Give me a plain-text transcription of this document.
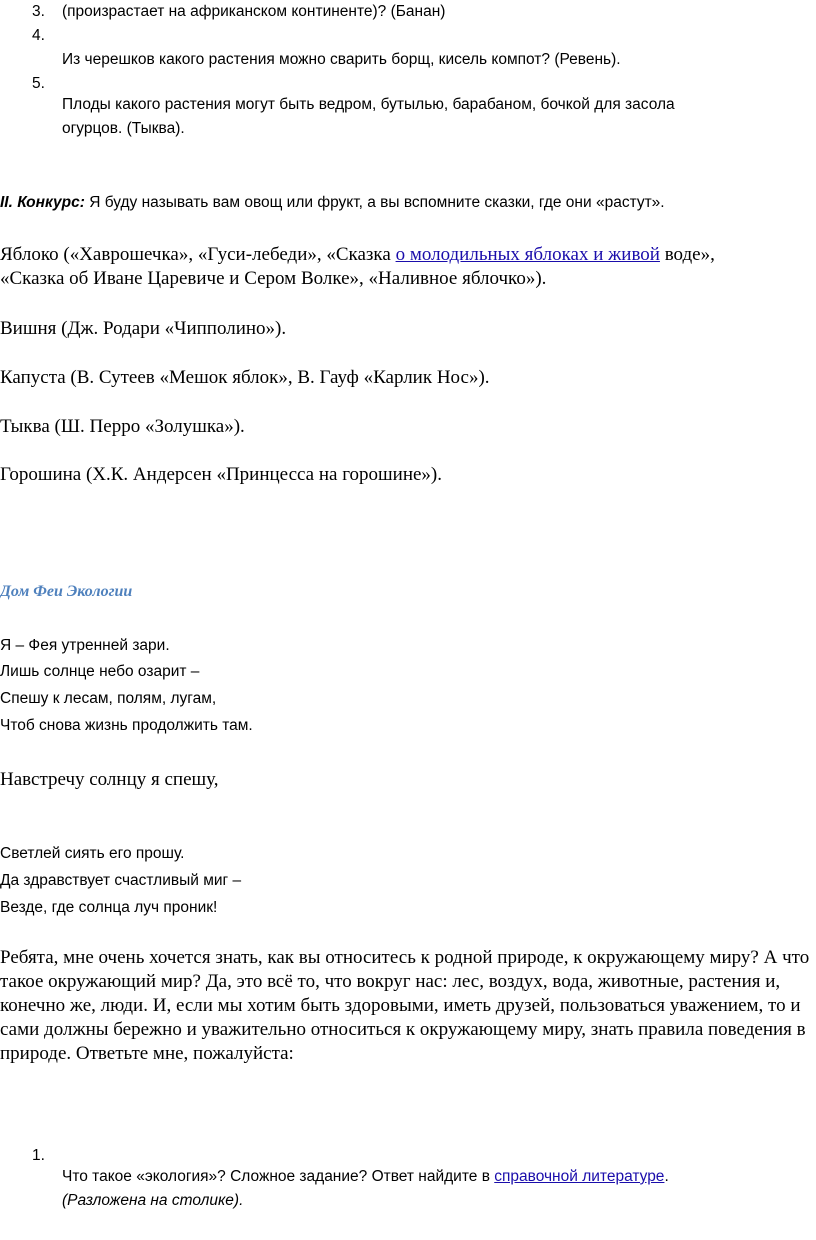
3. (произрастает на африканском континенте)? (Банан)

4.

Из черешков какого растения можно сварить борщ, кисель компот? (Ревень).

5.

Плоды какого растения могут быть ведром, бутылью, барабаном, бочкой для засола

огурцов. (Тыква).

II. Конкурс: Я буду называть вам овощ или фрукт, а вы вспомните сказки, где они «растут».

Яблоко («Хаврошечка», «Гуси-лебеди», «Сказка о молодильных яблоках и живой воде»,

«Сказка об Иване Царевиче и Сером Волке», «Наливное яблочко»).

Вишня (Дж. Родари «Чипполино»).

Капуста (В. Сутеев «Мешок яблок», В. Гауф «Карлик Нос»).

Тыква (Ш. Перро «Золушка»).

Горошина (Х.К. Андерсен «Принцесса на горошине»).

Дом Феи Экологии

Я – Фея утренней зари.

Лишь солнце небо озарит –

Спешу к лесам, полям, лугам,

Чтоб снова жизнь продолжить там.

Навстречу солнцу я спешу,

Светлей сиять его прошу.

Да здравствует счастливый миг –

Везде, где солнца луч проник!

Ребята, мне очень хочется знать, как вы относитесь к родной природе, к окружающему миру? А что такое окружающий мир? Да, это всё то, что вокруг нас: лес, воздух, вода, животные, растения и, конечно же, люди. И, если мы хотим быть здоровыми, иметь друзей, пользоваться уважением, то и сами должны бережно и уважительно относиться к окружающему миру, знать правила поведения в природе. Ответьте мне, пожалуйста:

1.

Что такое «экология»? Сложное задание? Ответ найдите в справочной литературе.

(Разложена на столике).
